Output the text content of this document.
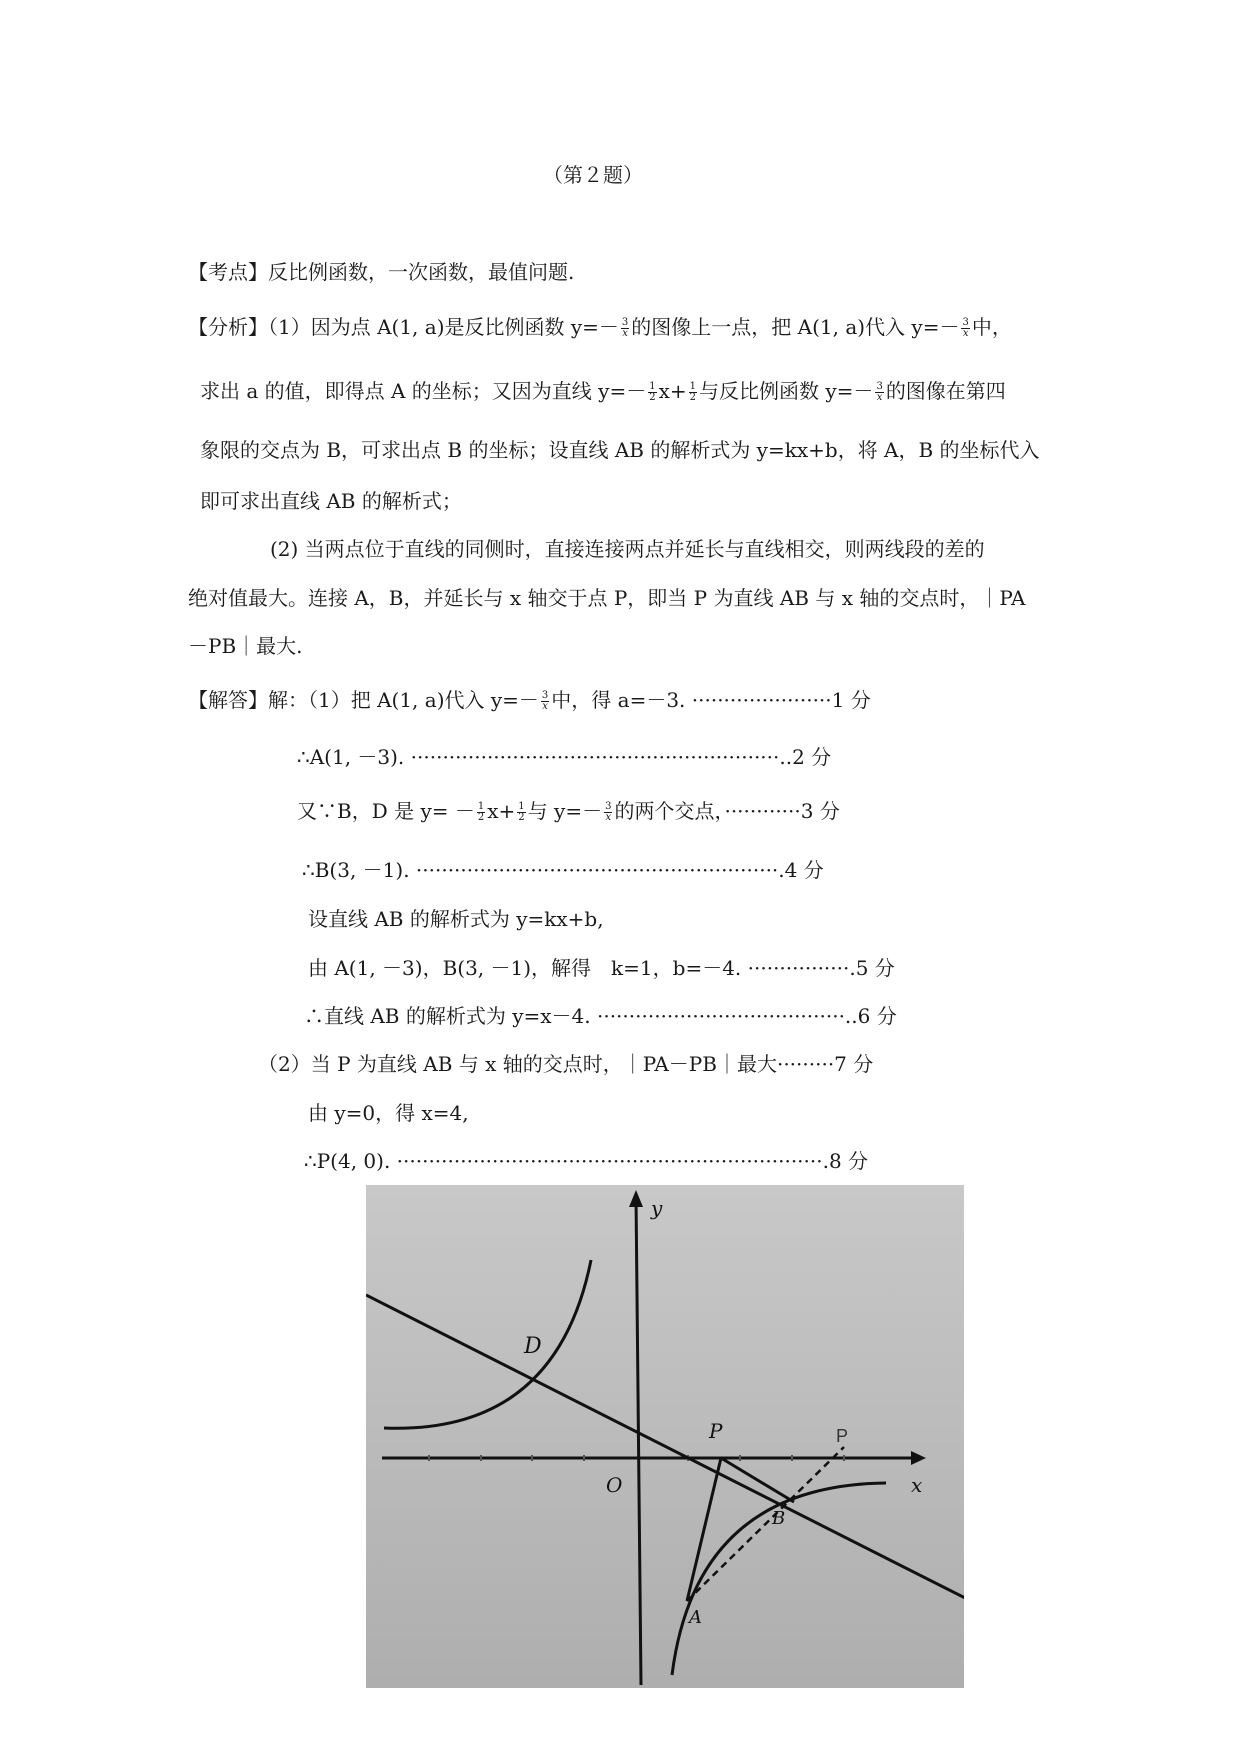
（第２题）
【考点】反比例函数，一次函数，最值问题.
【分析】（1）因为点 A(1, a)是反比例函数 $y=- \frac{3}{x}$ 的图像上一点，把 A(1, a)代入 $y=- \frac{3}{x}$ 中，
求出 a 的值，即得点 A 的坐标；又因为直线 $y=- \frac{1}{2} x+ \frac{1}{2}$ 与反比例函数 $y=- \frac{3}{x}$ 的图像在第四
象限的交点为 B，可求出点 B 的坐标；设直线 AB 的解析式为 y=kx+b，将 A，B 的坐标代入
即可求出直线 AB 的解析式；
(2) 当两点位于直线的同侧时，直接连接两点并延长与直线相交，则两线段的差的
绝对值最大。连接 A，B，并延长与 x 轴交于点 P，即当 P 为直线 AB 与 x 轴的交点时，｜PA
－PB｜最大.
【解答】解：（1）把 A(1, a)代入 $y=- \frac{3}{x}$ 中，得 a=－3. ······················1 分
∴A(1, －3). ··························································..2 分
又∵B，D 是 $y= - \frac{1}{2} x+ \frac{1}{2}$ 与 $y=- \frac{3}{x}$ 的两个交点，············3 分
∴B(3, －1). ·························································.4 分
设直线 AB 的解析式为 y=kx+b,
由 A(1, －3)，B(3, －1)，解得　k=1，b=－4. ················.5 分
∴直线 AB 的解析式为 y=x－4. ·······································..6 分
（2）当 P 为直线 AB 与 x 轴的交点时，｜PA－PB｜最大·········7 分
由 y=0，得 x=4,
∴P(4, 0). ···································································.8 分
y
x
O
D
P	P
B
A
